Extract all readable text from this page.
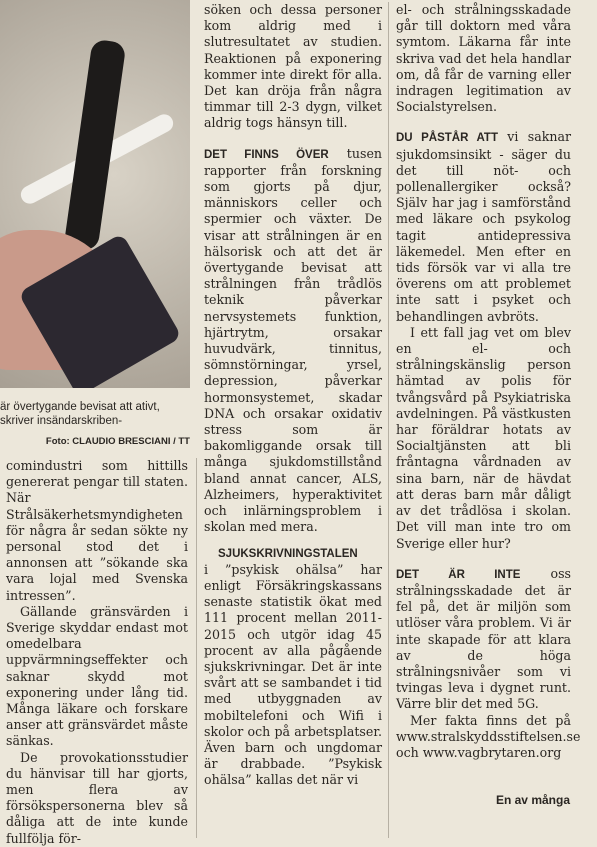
är övertygande bevisat att ativt, skriver insändarskriben-
Foto: CLAUDIO BRESCIANI / TT

comindustri som hittills genererat pengar till staten. När Strålsäkerhetsmyndigheten för några år sedan sökte ny personal stod det i annonsen att ”sökande ska vara lojal med Svenska intressen”.

Gällande gränsvärden i Sverige skyddar endast mot omedelbara uppvärmningseffekter och saknar skydd mot exponering under lång tid. Många läkare och forskare anser att gränsvärdet måste sänkas.

De provokationsstudier du hänvisar till har gjorts, men flera av försökspersonerna blev så dåliga att de inte kunde fullfölja för-

söken och dessa personer kom aldrig med i slutresultatet av studien. Reaktionen på exponering kommer inte direkt för alla. Det kan dröja från några timmar till 2-3 dygn, vilket aldrig togs hänsyn till.

DET FINNS ÖVER tusen rapporter från forskning som gjorts på djur, människors celler och spermier och växter. De visar att strålningen är en hälsorisk och att det är övertygande bevisat att strålningen från trådlös teknik påverkar nervsystemets funktion, hjärtrytm, orsakar huvudvärk, tinnitus, sömnstörningar, yrsel, depression, påverkar hormonsystemet, skadar DNA och orsakar oxidativ stress som är bakomliggande orsak till många sjukdomstillstånd bland annat cancer, ALS, Alzheimers, hyperaktivitet och inlärningsproblem i skolan med mera.

SJUKSKRIVNINGSTALEN

i ”psykisk ohälsa” har enligt Försäkringskassans senaste statistik ökat med 111 procent mellan 2011-2015 och utgör idag 45 procent av alla pågående sjukskrivningar. Det är inte svårt att se sambandet i tid med utbyggnaden av mobiltelefoni och Wifi i skolor och på arbetsplatser. Även barn och ungdomar är drabbade. ”Psykisk ohälsa” kallas det när vi

el- och strålningsskadade går till doktorn med våra symtom. Läkarna får inte skriva vad det hela handlar om, då får de varning eller indragen legitimation av Socialstyrelsen.

DU PÅSTÅR ATT vi saknar sjukdomsinsikt - säger du det till nöt- och pollenallergiker också? Själv har jag i samförstånd med läkare och psykolog tagit antidepressiva läkemedel. Men efter en tids försök var vi alla tre överens om att problemet inte satt i psyket och behandlingen avbröts.

I ett fall jag vet om blev en el- och strålningskänslig person hämtad av polis för tvångsvård på Psykiatriska avdelningen. På västkusten har föräldrar hotats av Socialtjänsten att bli fråntagna vårdnaden av sina barn, när de hävdat att deras barn mår dåligt av det trådlösa i skolan. Det vill man inte tro om Sverige eller hur?

DET ÄR INTE oss strålningsskadade det är fel på, det är miljön som utlöser våra problem. Vi är inte skapade för att klara av de höga strålningsnivåer som vi tvingas leva i dygnet runt. Värre blir det med 5G.

Mer fakta finns det på www.stralskyddsstiftelsen.se och www.vagbrytaren.org

En av många
